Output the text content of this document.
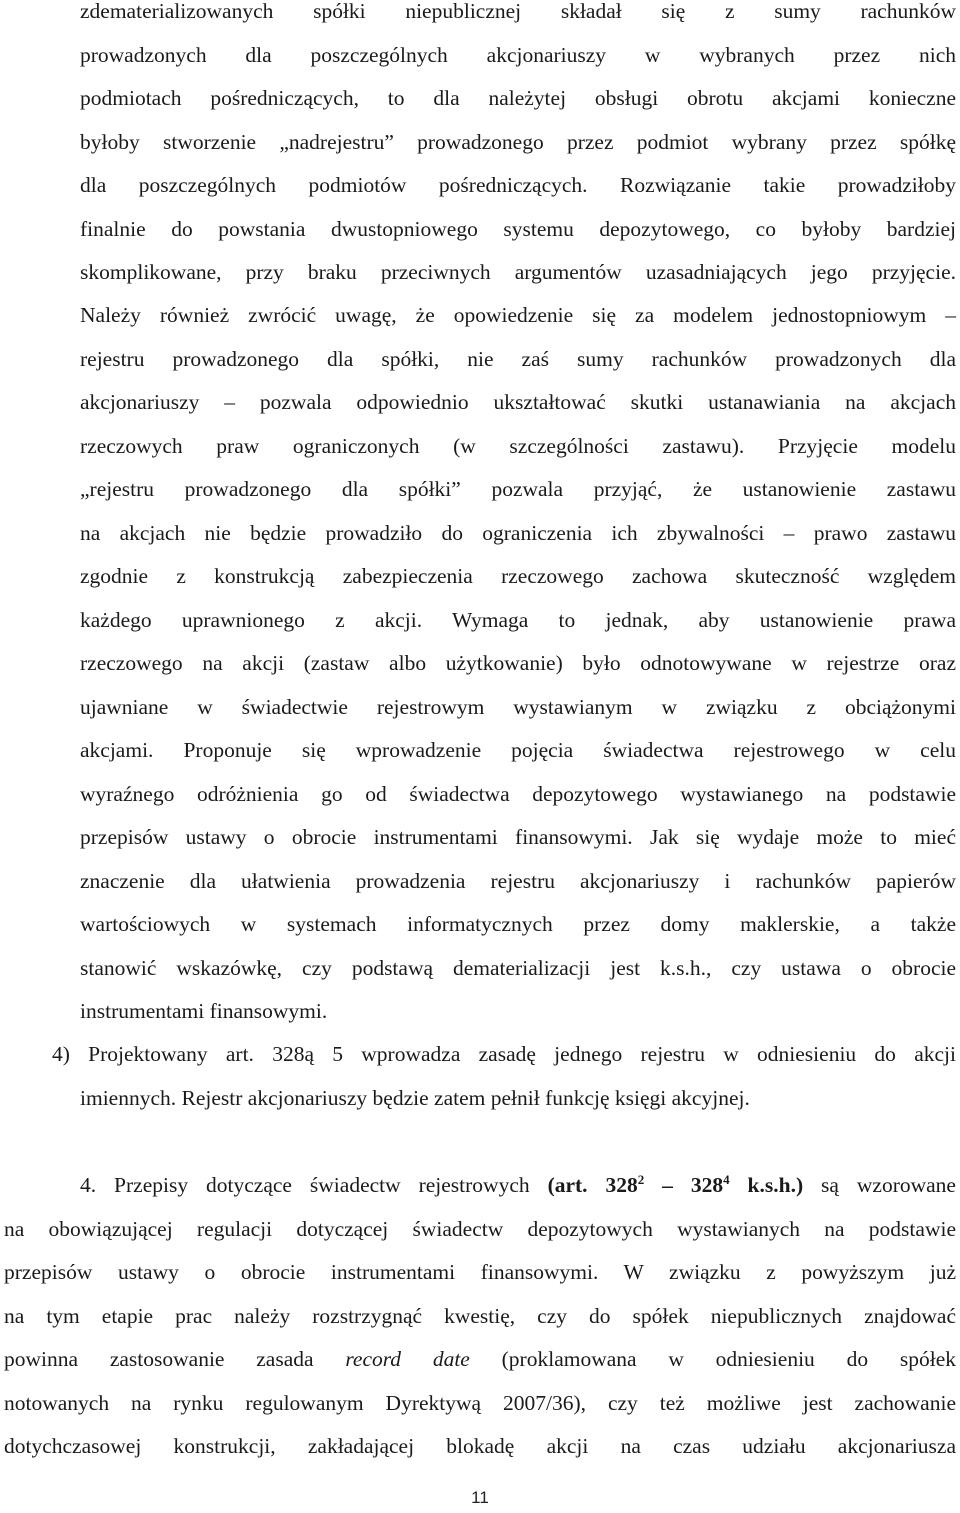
zdematerializowanych spółki niepublicznej składał się z sumy rachunków
prowadzonych dla poszczególnych akcjonariuszy w wybranych przez nich
podmiotach pośredniczących, to dla należytej obsługi obrotu akcjami konieczne
byłoby stworzenie „nadrejestru” prowadzonego przez podmiot wybrany przez spółkę
dla poszczególnych podmiotów pośredniczących. Rozwiązanie takie prowadziłoby
finalnie do powstania dwustopniowego systemu depozytowego, co byłoby bardziej
skomplikowane, przy braku przeciwnych argumentów uzasadniających jego przyjęcie.
Należy również zwrócić uwagę, że opowiedzenie się za modelem jednostopniowym –
rejestru prowadzonego dla spółki, nie zaś sumy rachunków prowadzonych dla
akcjonariuszy – pozwala odpowiednio ukształtować skutki ustanawiania na akcjach
rzeczowych praw ograniczonych (w szczególności zastawu). Przyjęcie modelu
„rejestru prowadzonego dla spółki” pozwala przyjąć, że ustanowienie zastawu
na akcjach nie będzie prowadziło do ograniczenia ich zbywalności – prawo zastawu
zgodnie z konstrukcją zabezpieczenia rzeczowego zachowa skuteczność względem
każdego uprawnionego z akcji. Wymaga to jednak, aby ustanowienie prawa
rzeczowego na akcji (zastaw albo użytkowanie) było odnotowywane w rejestrze oraz
ujawniane w świadectwie rejestrowym wystawianym w związku z obciążonymi
akcjami. Proponuje się wprowadzenie pojęcia świadectwa rejestrowego w celu
wyraźnego odróżnienia go od świadectwa depozytowego wystawianego na podstawie
przepisów ustawy o obrocie instrumentami finansowymi. Jak się wydaje może to mieć
znaczenie dla ułatwienia prowadzenia rejestru akcjonariuszy i rachunków papierów
wartościowych w systemach informatycznych przez domy maklerskie, a także
stanowić wskazówkę, czy podstawą dematerializacji jest k.s.h., czy ustawa o obrocie
instrumentami finansowymi.
4) Projektowany art. 328ą 5 wprowadza zasadę jednego rejestru w odniesieniu do akcji
imiennych. Rejestr akcjonariuszy będzie zatem pełnił funkcję księgi akcyjnej.
4. Przepisy dotyczące świadectw rejestrowych (art. $328^2 - 328^4$ k.s.h.) są wzorowane
na obowiązującej regulacji dotyczącej świadectw depozytowych wystawianych na podstawie
przepisów ustawy o obrocie instrumentami finansowymi. W związku z powyższym już
na tym etapie prac należy rozstrzygnąć kwestię, czy do spółek niepublicznych znajdować
powinna zastosowanie zasada record date (proklamowana w odniesieniu do spółek
notowanych na rynku regulowanym Dyrektywą 2007/36), czy też możliwe jest zachowanie
dotychczasowej konstrukcji, zakładającej blokadę akcji na czas udziału akcjonariusza
11
